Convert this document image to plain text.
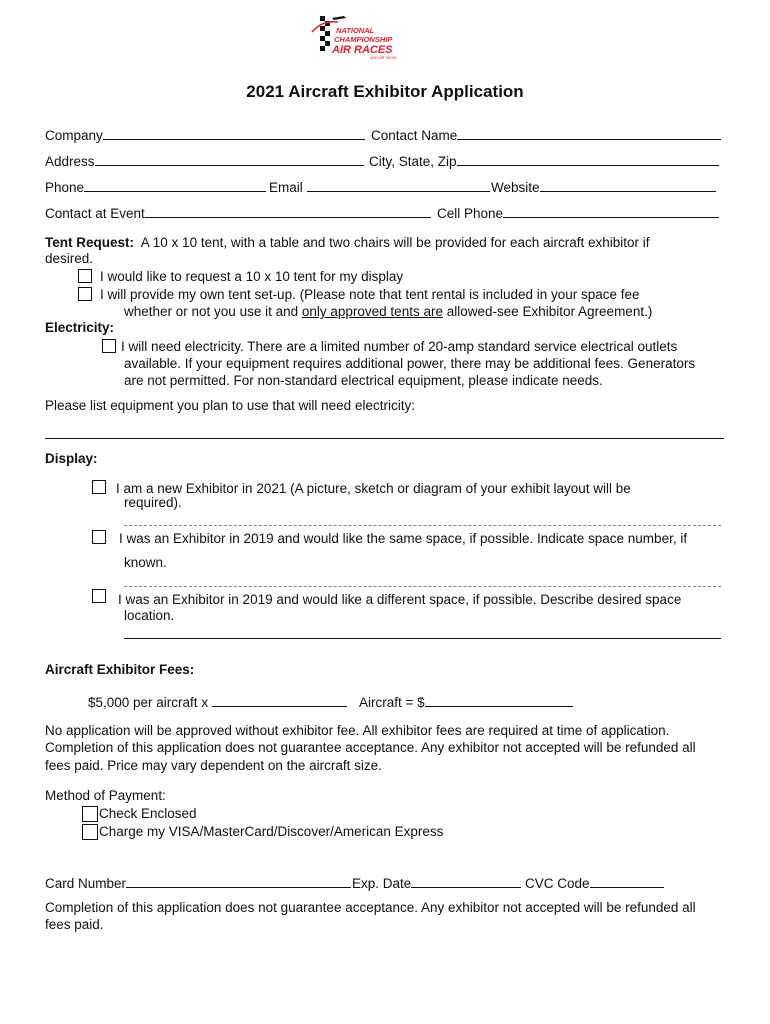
NATIONAL
CHAMPIONSHIP
AIR RACES
AND AIR SHOW
2021 Aircraft Exhibitor Application
Company	Contact Name
Address	City, State, Zip
Phone	Email	Website
Contact at Event	Cell Phone
Tent Request: A 10 x 10 tent, with a table and two chairs will be provided for each aircraft exhibitor if
desired.
I would like to request a 10 x 10 tent for my display
I will provide my own tent set-up. (Please note that tent rental is included in your space fee
whether or not you use it and only approved tents are allowed-see Exhibitor Agreement.)
Electricity:
I will need electricity. There are a limited number of 20-amp standard service electrical outlets
available. If your equipment requires additional power, there may be additional fees. Generators
are not permitted. For non-standard electrical equipment, please indicate needs.
Please list equipment you plan to use that will need electricity:
Display:
I am a new Exhibitor in 2021 (A picture, sketch or diagram of your exhibit layout will be
required).
I was an Exhibitor in 2019 and would like the same space, if possible. Indicate space number, if
known.
I was an Exhibitor in 2019 and would like a different space, if possible. Describe desired space
location.
Aircraft Exhibitor Fees:
$5,000 per aircraft x	Aircraft = $
No application will be approved without exhibitor fee. All exhibitor fees are required at time of application.
Completion of this application does not guarantee acceptance. Any exhibitor not accepted will be refunded all
fees paid. Price may vary dependent on the aircraft size.
Method of Payment:
Check Enclosed
Charge my VISA/MasterCard/Discover/American Express
Card Number	Exp. Date	CVC Code
Completion of this application does not guarantee acceptance. Any exhibitor not accepted will be refunded all
fees paid.
